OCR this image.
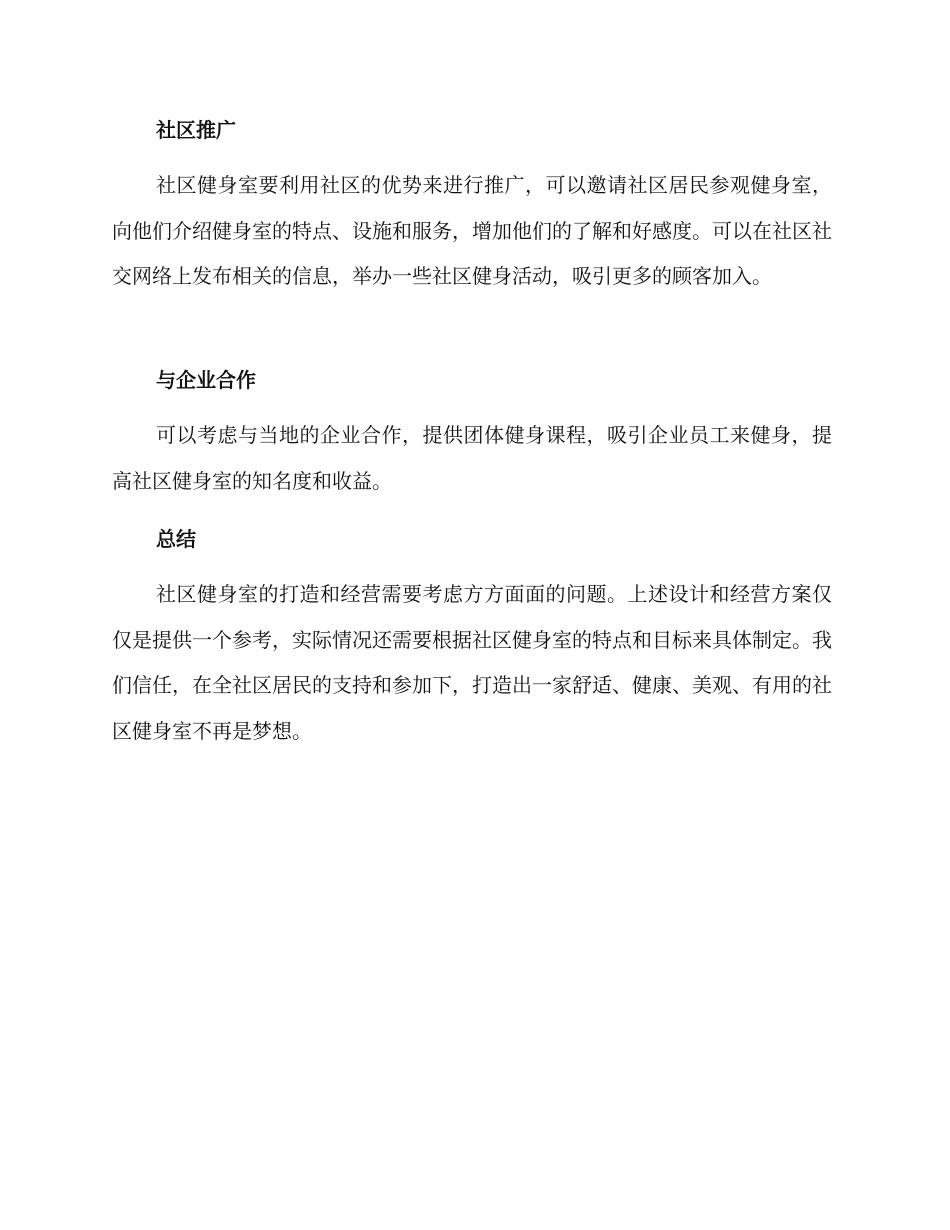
社区推广

社区健身室要利用社区的优势来进行推广，可以邀请社区居民参观健身室，向他们介绍健身室的特点、设施和服务，增加他们的了解和好感度。可以在社区社交网络上发布相关的信息，举办一些社区健身活动，吸引更多的顾客加入。

与企业合作

可以考虑与当地的企业合作，提供团体健身课程，吸引企业员工来健身，提高社区健身室的知名度和收益。

总结

社区健身室的打造和经营需要考虑方方面面的问题。上述设计和经营方案仅仅是提供一个参考，实际情况还需要根据社区健身室的特点和目标来具体制定。我们信任，在全社区居民的支持和参加下，打造出一家舒适、健康、美观、有用的社区健身室不再是梦想。
